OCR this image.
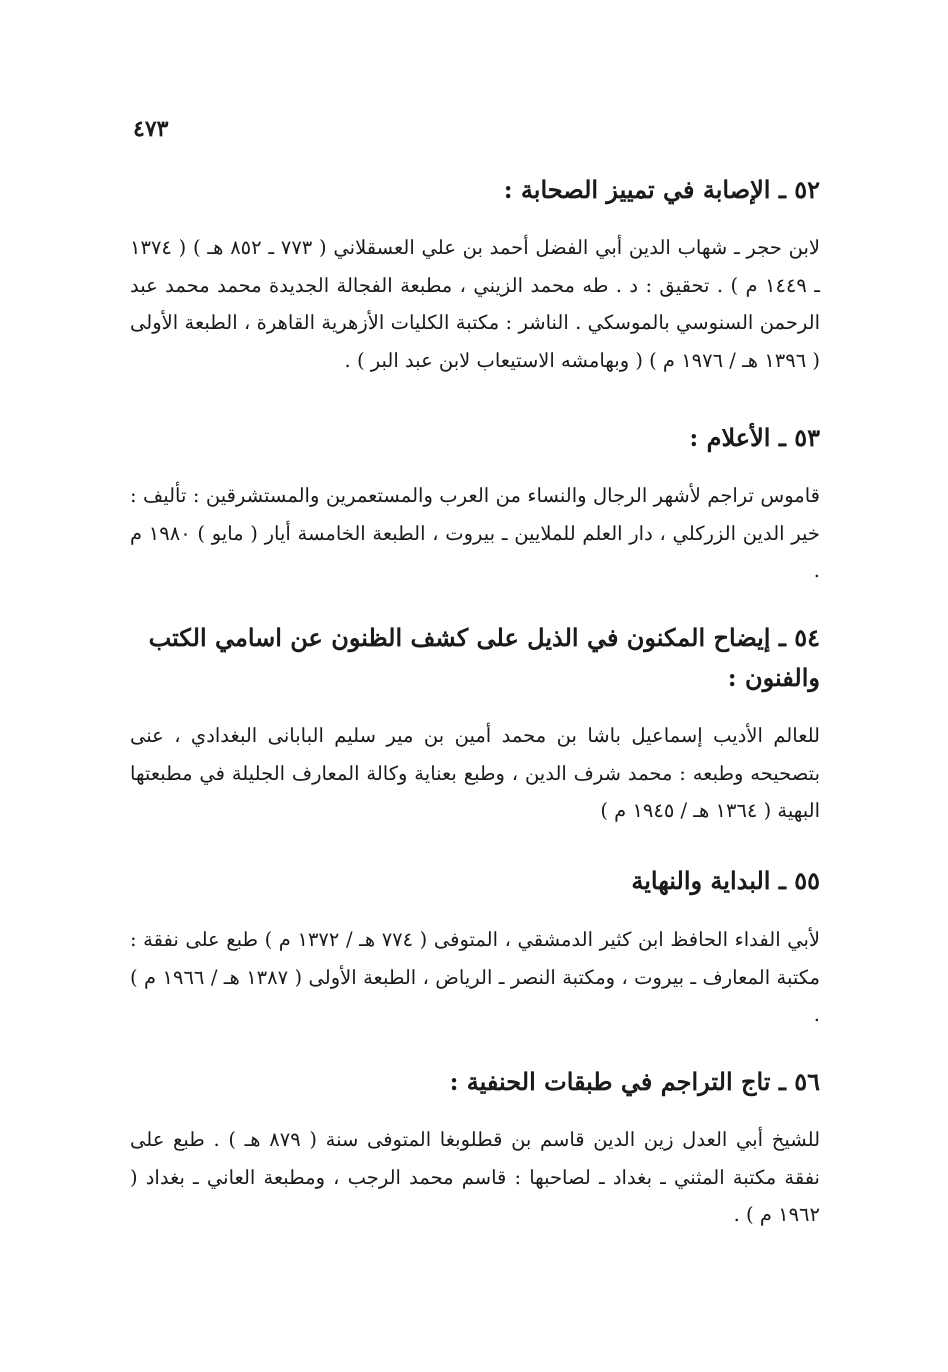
٤٧٣
٥٢ ـ الإصابة في تمييز الصحابة :
لابن حجر ـ شهاب الدين أبي الفضل أحمد بن علي العسقلاني ( ٧٧٣ ـ ٨٥٢ هـ ) ( ١٣٧٤ ـ ١٤٤٩ م ) . تحقيق : د . طه محمد الزيني ، مطبعة الفجالة الجديدة محمد محمد عبد الرحمن السنوسي بالموسكي . الناشر : مكتبة الكليات الأزهرية القاهرة ، الطبعة الأولى ( ١٣٩٦ هـ / ١٩٧٦ م ) ( وبهامشه الاستيعاب لابن عبد البر ) .
٥٣ ـ الأعلام :
قاموس تراجم لأشهر الرجال والنساء من العرب والمستعمرين والمستشرقين : تأليف : خير الدين الزركلي ، دار العلم للملايين ـ بيروت ، الطبعة الخامسة أيار ( مايو ) ١٩٨٠ م .
٥٤ ـ إيضاح المكنون في الذيل على كشف الظنون عن اسامي الكتب والفنون :
للعالم الأديب إسماعيل باشا بن محمد أمين بن مير سليم البابانى البغدادي ، عنى بتصحيحه وطبعه : محمد شرف الدين ، وطبع بعناية وكالة المعارف الجليلة في مطبعتها البهية ( ١٣٦٤ هـ / ١٩٤٥ م )
٥٥ ـ البداية والنهاية
لأبي الفداء الحافظ ابن كثير الدمشقي ، المتوفى ( ٧٧٤ هـ / ١٣٧٢ م ) طبع على نفقة : مكتبة المعارف ـ بيروت ، ومكتبة النصر ـ الرياض ، الطبعة الأولى ( ١٣٨٧ هـ / ١٩٦٦ م ) .
٥٦ ـ تاج التراجم في طبقات الحنفية :
للشيخ أبي العدل زين الدين قاسم بن قطلوبغا المتوفى سنة ( ٨٧٩ هـ ) . طبع على نفقة مكتبة المثني ـ بغداد ـ لصاحبها : قاسم محمد الرجب ، ومطبعة العاني ـ بغداد ( ١٩٦٢ م ) .
